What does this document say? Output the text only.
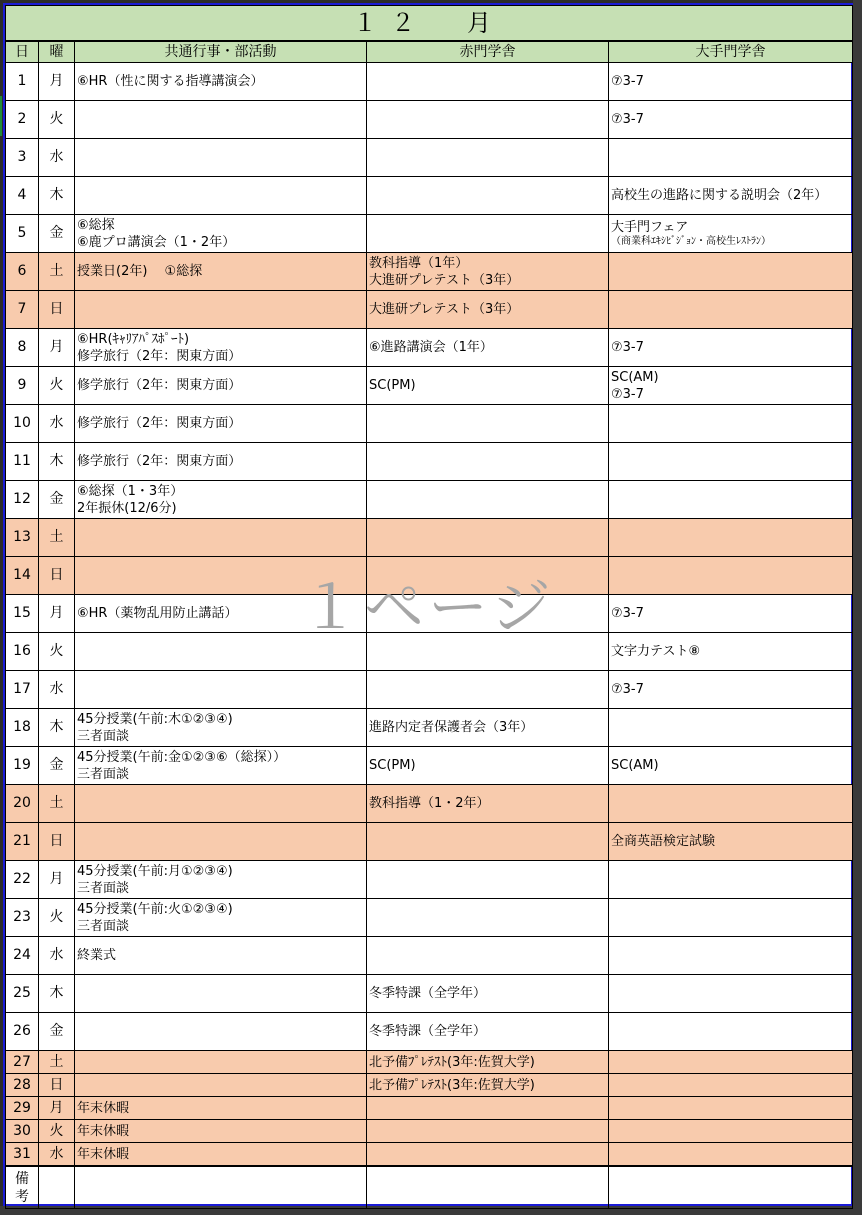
１２　月				
日	曜	共通行事・部活動	赤門学舎	大手門学舎
1	月	⑥HR（性に関する指導講演会）		⑦3-7

2	火			⑦3-7

3	水			
4	木			高校生の進路に関する説明会（2年）

5	金	⑥総探
⑥鹿プロ講演会（1・2年）		大手門フェア
（商業科ｴｷｼﾋﾞｼﾞｮﾝ・高校生ﾚｽﾄﾗﾝ）

6	土	授業日(2年)　 ①総探	教科指導（1年）
大進研プレテスト（3年）	

7	日		大進研プレテスト（3年）	

8	月	⑥HR(ｷｬﾘｱﾊﾟｽﾎﾟｰﾄ)
修学旅行（2年：関東方面）	⑥進路講演会（1年）	⑦3-7

9	火	修学旅行（2年：関東方面）	SC(PM)	SC(AM)
⑦3-7

10	水	修学旅行（2年：関東方面）		

11	木	修学旅行（2年：関東方面）		

12	金	⑥総探（1・3年）
2年振休(12/6分)		

13	土			
14	日			
15	月	⑥HR（薬物乱用防止講話）		⑦3-7

16	火			文字力テスト⑧

17	水			⑦3-7

18	木	45分授業(午前:木①②③④)
三者面談	進路内定者保護者会（3年）	

19	金	45分授業(午前:金①②③⑥（総探））
三者面談	SC(PM)	SC(AM)

20	土		教科指導（1・2年）	

21	日			全商英語検定試験

22	月	45分授業(午前:月①②③④)
三者面談		

23	火	45分授業(午前:火①②③④)
三者面談		

24	水	終業式		

25	木		冬季特課（全学年）	

26	金		冬季特課（全学年）	

27	土		北予備ﾌﾟﾚﾃｽﾄ(3年:佐賀大学)	

28	日		北予備ﾌﾟﾚﾃｽﾄ(3年:佐賀大学)	

29	月	年末休暇		

30	火	年末休暇		

31	水	年末休暇		

備
考				

１ページ
